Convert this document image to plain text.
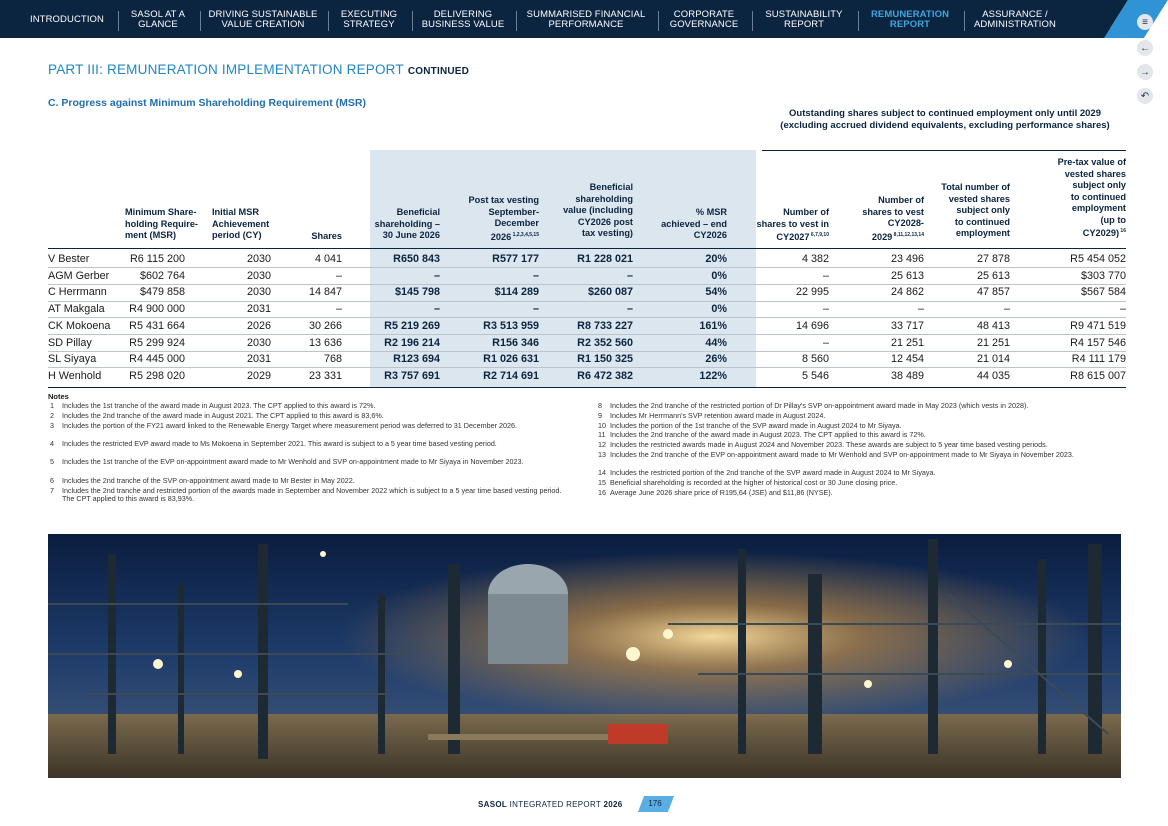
INTRODUCTION	SASOL AT A
GLANCE
DRIVING SUSTAINABLE
VALUE CREATION
EXECUTING
STRATEGY
DELIVERING
BUSINESS VALUE
SUMMARISED FINANCIAL
PERFORMANCE
CORPORATE
GOVERNANCE
SUSTAINABILITY
REPORT
REMUNERATION
REPORT
ASSURANCE /
ADMINISTRATION	≡
←
→
↶
PART III: REMUNERATION IMPLEMENTATION REPORT CONTINUED
C. Progress against Minimum Shareholding Requirement (MSR)
Outstanding shares subject to continued employment only until 2029 (excluding accrued dividend equivalents, excluding performance shares)
Minimum Share-
holding Require-
ment (MSR)
Initial MSR
Achievement
period (CY)	Shares
Beneficial
shareholding –
30 June 2026
Post tax vesting
September-
December
2026 $^{1,2,3,4,5,15}$
Beneficial
shareholding
value (including
CY2026 post
tax vesting)
% MSR
achieved – end
CY2026
Number of
shares to vest in
CY2027 $^{6,7,9,10}$
Number of
shares to vest
CY2028-
2029 $^{8,11,12,13,14}$
Total number of
vested shares
subject only
to continued
employment
Pre-tax value of
vested shares
subject only
to continued
employment
(up to
CY2029) $^{16}$
V Bester	R6 115 200	2030	4 041	R650 843	R577 177	R1 228 021	20%	4 382	23 496	27 878	R5 454 052
AGM Gerber	$602 764	2030	–	–	–	–	0%	–	25 613	25 613	$303 770
C Herrmann	$479 858	2030	14 847	$145 798	$114 289	$260 087	54%	22 995	24 862	47 857	$567 584
AT Makgala	R4 900 000	2031	–	–	–	–	0%	–	–	–	–
CK Mokoena	R5 431 664	2026	30 266	R5 219 269	R3 513 959	R8 733 227	161%	14 696	33 717	48 413	R9 471 519
SD Pillay	R5 299 924	2030	13 636	R2 196 214	R156 346	R2 352 560	44%	–	21 251	21 251	R4 157 546
SL Siyaya	R4 445 000	2031	768	R123 694	R1 026 631	R1 150 325	26%	8 560	12 454	21 014	R4 111 179
H Wenhold	R5 298 020	2029	23 331	R3 757 691	R2 714 691	R6 472 382	122%	5 546	38 489	44 035	R8 615 007
Notes
1 Includes the 1st tranche of the award made in August 2023. The CPT applied to this award is 72%.
2 Includes the 2nd tranche of the award made in August 2021. The CPT applied to this award is 83,6%.
3 Includes the portion of the FY21 award linked to the Renewable Energy Target where measurement period was deferred to 31 December 2026.
4 Includes the restricted EVP award made to Ms Mokoena in September 2021. This award is subject to a 5 year time based vesting period.
5 Includes the 1st tranche of the EVP on-appointment award made to Mr Wenhold and SVP on-appointment made to Mr Siyaya in November 2023.
6 Includes the 2nd tranche of the SVP on-appointment award made to Mr Bester in May 2022.
7 Includes the 2nd tranche and restricted portion of the awards made in September and November 2022 which is subject to a 5 year time based vesting period. The CPT applied to this award is 83,93%.
8 Includes the 2nd tranche of the restricted portion of Dr Pillay's SVP on-appointment award made in May 2023 (which vests in 2028).
9 Includes Mr Herrmann's SVP retention award made in August 2024.
10 Includes the portion of the 1st tranche of the SVP award made in August 2024 to Mr Siyaya.
11 Includes the 2nd tranche of the award made in August 2023. The CPT applied to this award is 72%.
12 Includes the restricted awards made in August 2024 and November 2023. These awards are subject to 5 year time based vesting periods.
13 Includes the 2nd tranche of the EVP on-appointment award made to Mr Wenhold and SVP on-appointment made to Mr Siyaya in November 2023.
14 Includes the restricted portion of the 2nd tranche of the SVP award made in August 2024 to Mr Siyaya.
15 Beneficial shareholding is recorded at the higher of historical cost or 30 June closing price.
16 Average June 2026 share price of R195,64 (JSE) and $11,86 (NYSE).
SASOL INTEGRATED REPORT 2026	176
